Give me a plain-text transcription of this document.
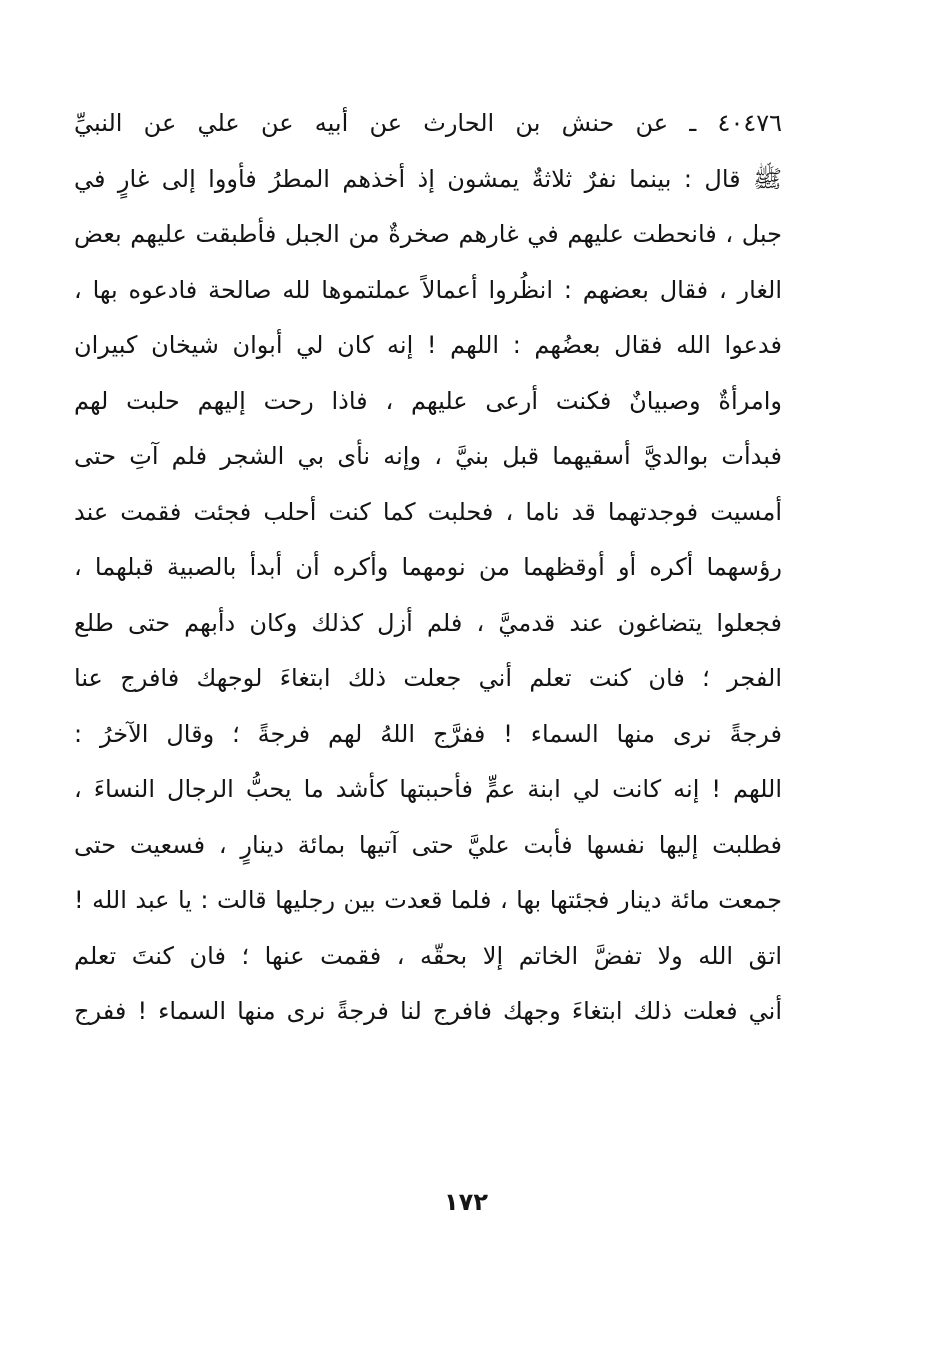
٤٠٤٧٦ ـ عن حنش بن الحارث عن أبيه عن علي عن النبيِّ
ﷺ قال : بينما نفرٌ ثلاثةٌ يمشون إذ أخذهم المطرُ فأووا إلى غارٍ في
جبل ، فانحطت عليهم في غارهم صخرةٌ من الجبل فأطبقت عليهم بعض
الغار ، فقال بعضهم : انظُروا أعمالاً عملتموها لله صالحة فادعوه بها ،
فدعوا الله فقال بعضُهم : اللهم ! إنه كان لي أبوان شيخان كبيران
وامرأةٌ وصبيانٌ فكنت أرعى عليهم ، فاذا رحت إليهم حلبت لهم
فبدأت بوالديَّ أسقيهما قبل بنيَّ ، وإنه نأى بي الشجر فلم آتِ حتى
أمسيت فوجدتهما قد ناما ، فحلبت كما كنت أحلب فجئت فقمت عند
رؤسهما أكره أو أوقظهما من نومهما وأكره أن أبدأ بالصبية قبلهما ،
فجعلوا يتضاغون عند قدميَّ ، فلم أزل كذلك وكان دأبهم حتى طلع
الفجر ؛ فان كنت تعلم أني جعلت ذلك ابتغاءَ لوجهك فافرج عنا
فرجةً نرى منها السماء ! ففرَّج اللهُ لهم فرجةً ؛ وقال الآخرُ :
اللهم ! إنه كانت لي ابنة عمٍّ فأحببتها كأشد ما يحبُّ الرجال النساءَ ،
فطلبت إليها نفسها فأبت عليَّ حتى آتيها بمائة دينارٍ ، فسعيت حتى
جمعت مائة دينار فجئتها بها ، فلما قعدت بين رجليها قالت : يا عبد الله !
اتق الله ولا تفضَّ الخاتم إلا بحقّه ، فقمت عنها ؛ فان كنتَ تعلم
أني فعلت ذلك ابتغاءَ وجهك فافرج لنا فرجةً نرى منها السماء ! ففرج
١٧٢
